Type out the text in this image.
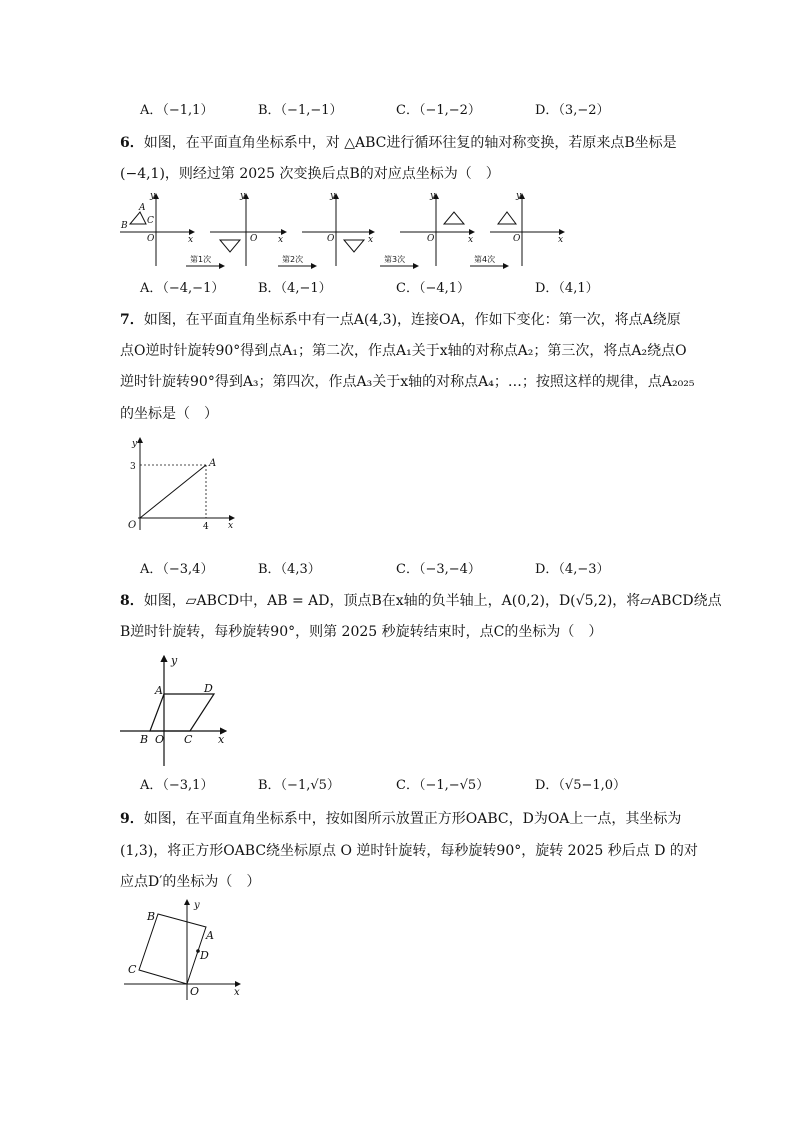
A．（−1,1）	B．（−1,−1）	C．（−1,−2）	D．（3,−2）
6．如图，在平面直角坐标系中，对 △ABC进行循环往复的轴对称变换，若原来点B坐标是
(−4,1)，则经过第 2025 次变换后点B的对应点坐标为（　）
y
x
O
A
B C
y
x
O
y
x
O
y
x
O
y
x
O
第1次	第2次	第3次	第4次
A．（−4,−1）	B．（4,−1）	C．（−4,1）	D．（4,1）
7．如图，在平面直角坐标系中有一点A(4,3)，连接OA，作如下变化：第一次，将点A绕原
点O逆时针旋转90°得到点A₁；第二次，作点A₁关于x轴的对称点A₂；第三次，将点A₂绕点O
逆时针旋转90°得到A₃；第四次，作点A₃关于x轴的对称点A₄；…；按照这样的规律，点A₂₀₂₅
的坐标是（　）
y
x
O
A
3
4
A．（−3,4）	B．（4,3）	C．（−3,−4）	D．（4,−3）
8．如图，▱ABCD中，AB = AD，顶点B在x轴的负半轴上，A(0,2)，D(√5,2)，将▱ABCD绕点
B逆时针旋转，每秒旋转90°，则第 2025 秒旋转结束时，点C的坐标为（　）
y
x
A	D
B O C
A．（−3,1）	B．（−1,√5）	C．（−1,−√5）	D．（√5−1,0）
9．如图，在平面直角坐标系中，按如图所示放置正方形OABC，D为OA上一点，其坐标为
(1,3)，将正方形OABC绕坐标原点 O 逆时针旋转，每秒旋转90°，旋转 2025 秒后点 D 的对
应点D′的坐标为（　）
y
x
B
A
D
C
O
